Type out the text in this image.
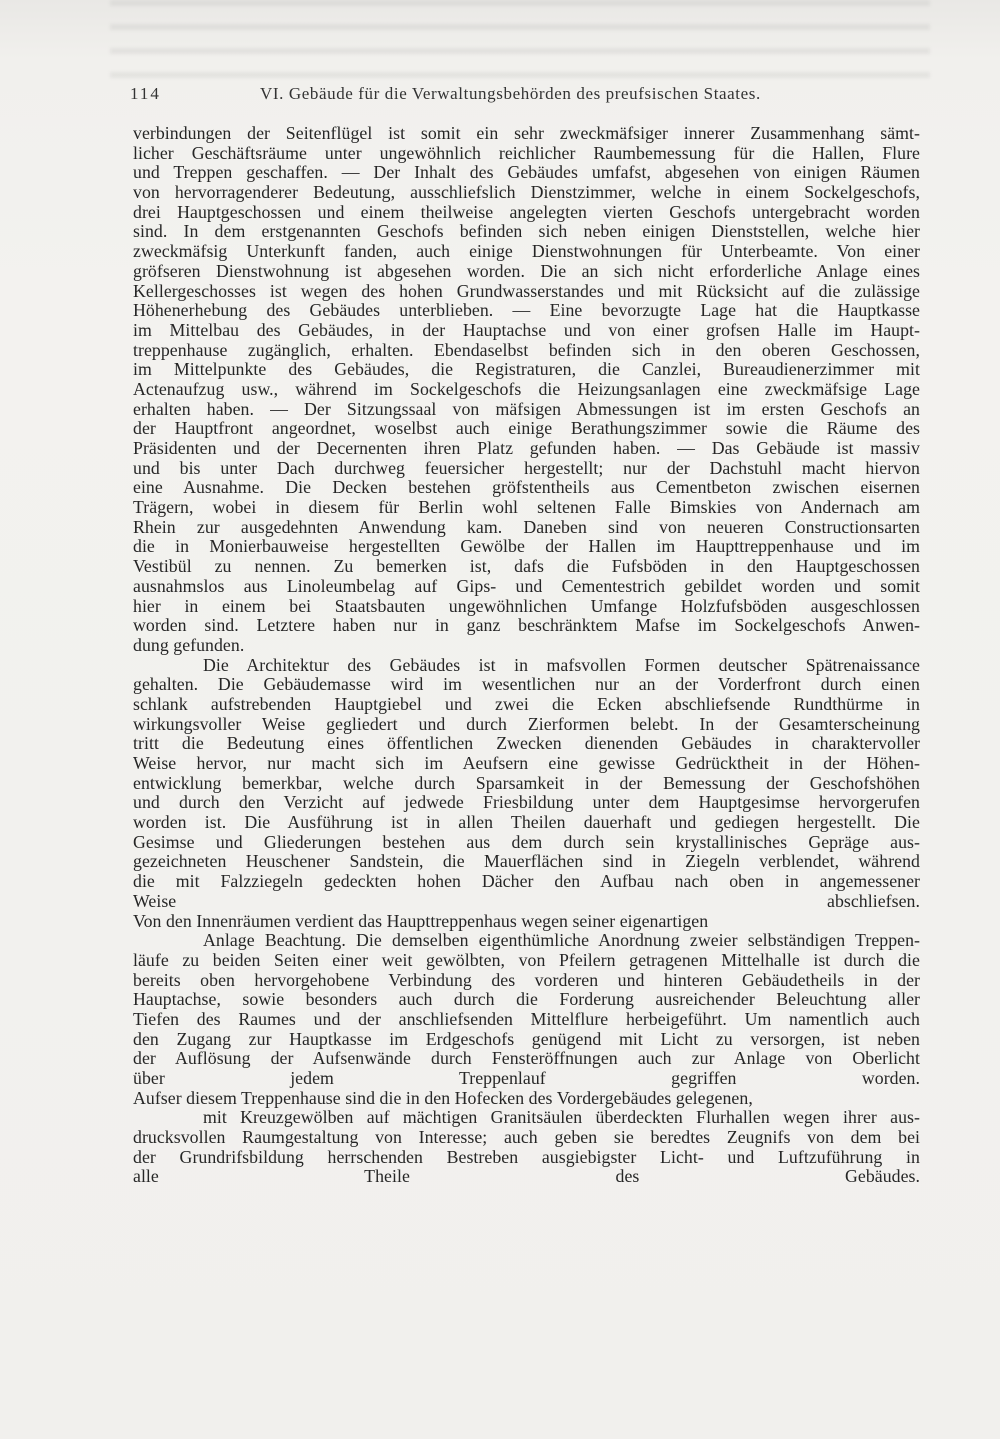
114	VI. Gebäude für die Verwaltungsbehörden des preufsischen Staates.
verbindungen der Seitenflügel ist somit ein sehr zweckmäfsiger innerer Zusammenhang sämt-
licher Geschäftsräume unter ungewöhnlich reichlicher Raumbemessung für die Hallen, Flure
und Treppen geschaffen. — Der Inhalt des Gebäudes umfafst, abgesehen von einigen Räumen
von hervorragenderer Bedeutung, ausschliefslich Dienstzimmer, welche in einem Sockelgeschofs,
drei Hauptgeschossen und einem theilweise angelegten vierten Geschofs untergebracht worden
sind. In dem erstgenannten Geschofs befinden sich neben einigen Dienststellen, welche hier
zweckmäfsig Unterkunft fanden, auch einige Dienstwohnungen für Unterbeamte. Von einer
gröfseren Dienstwohnung ist abgesehen worden. Die an sich nicht erforderliche Anlage eines
Kellergeschosses ist wegen des hohen Grundwasserstandes und mit Rücksicht auf die zulässige
Höhenerhebung des Gebäudes unterblieben. — Eine bevorzugte Lage hat die Hauptkasse
im Mittelbau des Gebäudes, in der Hauptachse und von einer grofsen Halle im Haupt-
treppenhause zugänglich, erhalten. Ebendaselbst befinden sich in den oberen Geschossen,
im Mittelpunkte des Gebäudes, die Registraturen, die Canzlei, Bureaudienerzimmer mit
Actenaufzug usw., während im Sockelgeschofs die Heizungsanlagen eine zweckmäfsige Lage
erhalten haben. — Der Sitzungssaal von mäfsigen Abmessungen ist im ersten Geschofs an
der Hauptfront angeordnet, woselbst auch einige Berathungszimmer sowie die Räume des
Präsidenten und der Decernenten ihren Platz gefunden haben. — Das Gebäude ist massiv
und bis unter Dach durchweg feuersicher hergestellt; nur der Dachstuhl macht hiervon
eine Ausnahme. Die Decken bestehen gröfstentheils aus Cementbeton zwischen eisernen
Trägern, wobei in diesem für Berlin wohl seltenen Falle Bimskies von Andernach am
Rhein zur ausgedehnten Anwendung kam. Daneben sind von neueren Constructionsarten
die in Monierbauweise hergestellten Gewölbe der Hallen im Haupttreppenhause und im
Vestibül zu nennen. Zu bemerken ist, dafs die Fufsböden in den Hauptgeschossen
ausnahmslos aus Linoleumbelag auf Gips- und Cementestrich gebildet worden und somit
hier in einem bei Staatsbauten ungewöhnlichen Umfange Holzfufsböden ausgeschlossen
worden sind. Letztere haben nur in ganz beschränktem Mafse im Sockelgeschofs Anwen-
dung gefunden.
Die Architektur des Gebäudes ist in mafsvollen Formen deutscher Spätrenaissance
gehalten. Die Gebäudemasse wird im wesentlichen nur an der Vorderfront durch einen
schlank aufstrebenden Hauptgiebel und zwei die Ecken abschliefsende Rundthürme in
wirkungsvoller Weise gegliedert und durch Zierformen belebt. In der Gesamterscheinung
tritt die Bedeutung eines öffentlichen Zwecken dienenden Gebäudes in charaktervoller
Weise hervor, nur macht sich im Aeufsern eine gewisse Gedrücktheit in der Höhen-
entwicklung bemerkbar, welche durch Sparsamkeit in der Bemessung der Geschofshöhen
und durch den Verzicht auf jedwede Friesbildung unter dem Hauptgesimse hervorgerufen
worden ist. Die Ausführung ist in allen Theilen dauerhaft und gediegen hergestellt. Die
Gesimse und Gliederungen bestehen aus dem durch sein krystallinisches Gepräge aus-
gezeichneten Heuschener Sandstein, die Mauerflächen sind in Ziegeln verblendet, während
die mit Falzziegeln gedeckten hohen Dächer den Aufbau nach oben in angemessener
Weise abschliefsen.
Von den Innenräumen verdient das Haupttreppenhaus wegen seiner eigenartigen
Anlage Beachtung. Die demselben eigenthümliche Anordnung zweier selbständigen Treppen-
läufe zu beiden Seiten einer weit gewölbten, von Pfeilern getragenen Mittelhalle ist durch die
bereits oben hervorgehobene Verbindung des vorderen und hinteren Gebäudetheils in der
Hauptachse, sowie besonders auch durch die Forderung ausreichender Beleuchtung aller
Tiefen des Raumes und der anschliefsenden Mittelflure herbeigeführt. Um namentlich auch
den Zugang zur Hauptkasse im Erdgeschofs genügend mit Licht zu versorgen, ist neben
der Auflösung der Aufsenwände durch Fensteröffnungen auch zur Anlage von Oberlicht
über jedem Treppenlauf gegriffen worden.
Aufser diesem Treppenhause sind die in den Hofecken des Vordergebäudes gelegenen,
mit Kreuzgewölben auf mächtigen Granitsäulen überdeckten Flurhallen wegen ihrer aus-
drucksvollen Raumgestaltung von Interesse; auch geben sie beredtes Zeugnifs von dem bei
der Grundrifsbildung herrschenden Bestreben ausgiebigster Licht- und Luftzuführung in
alle Theile des Gebäudes.
